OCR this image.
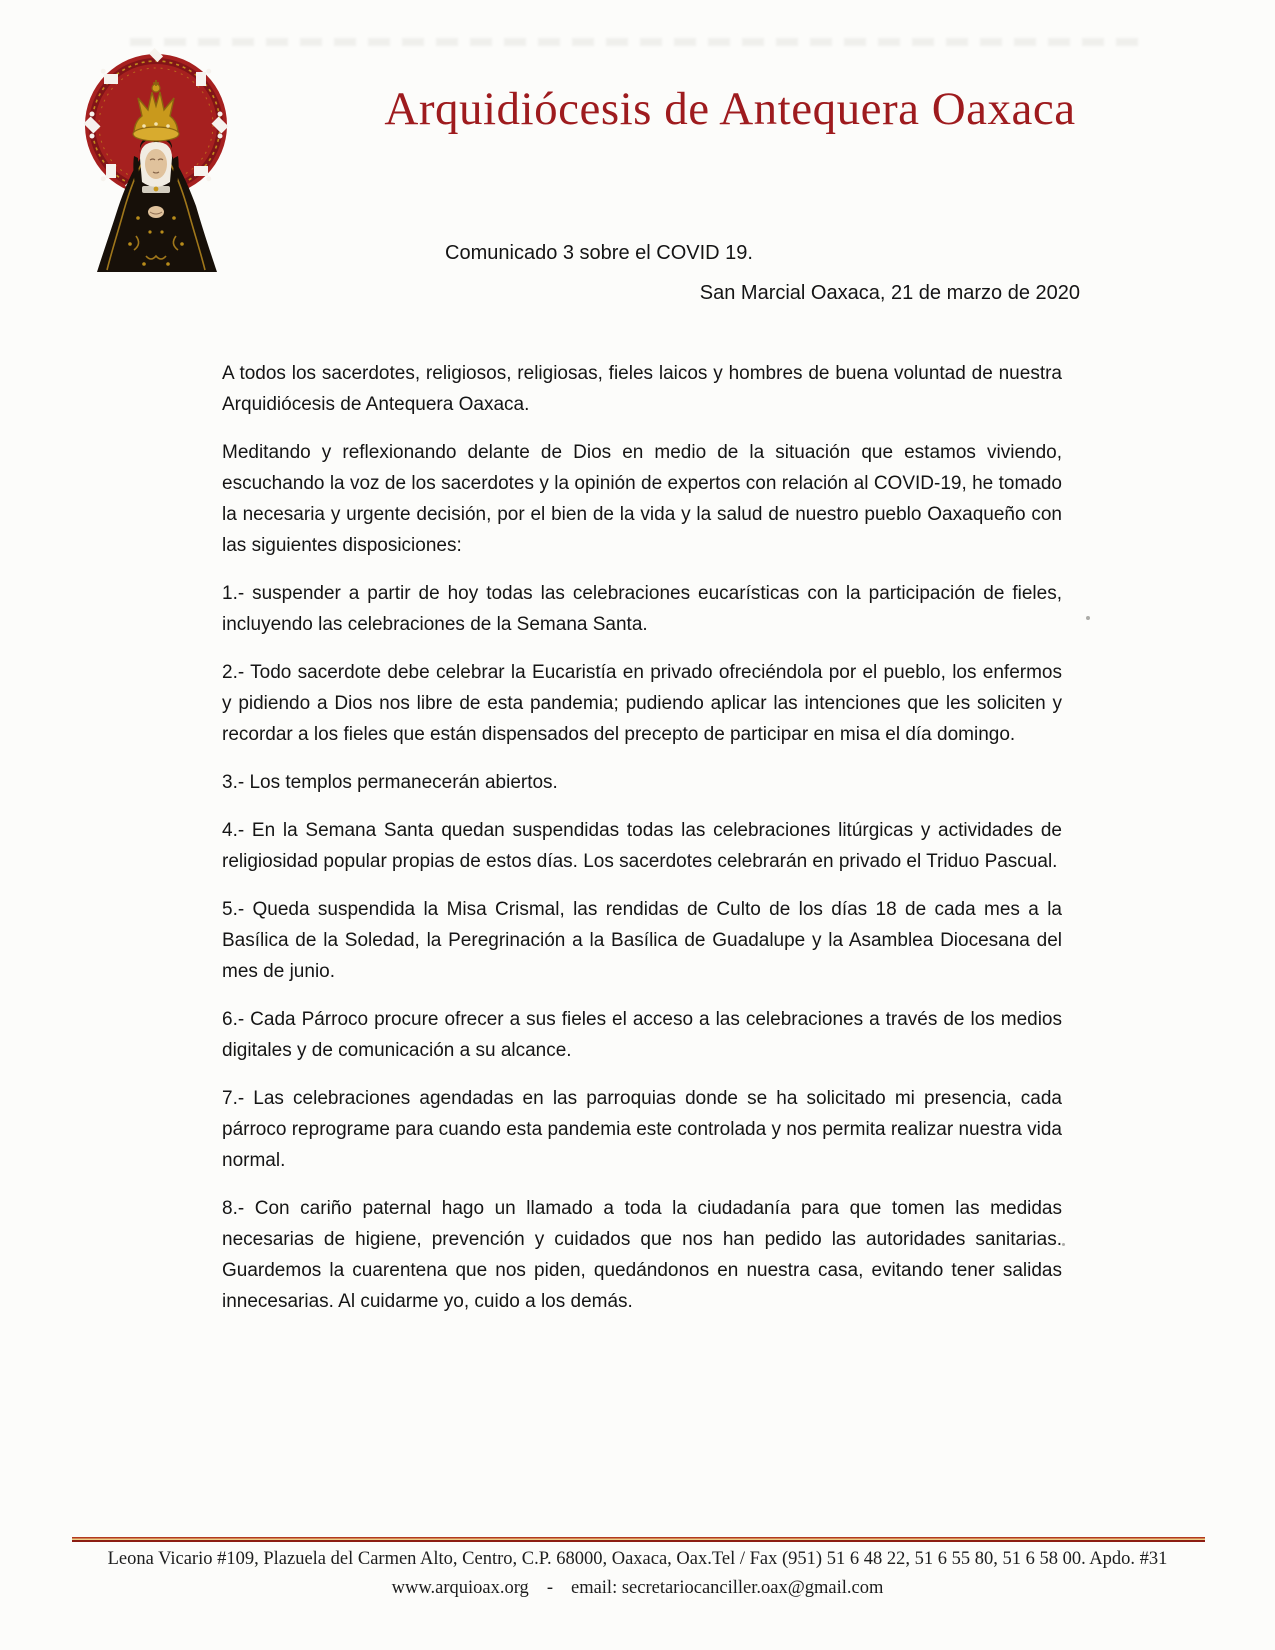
Arquidiócesis de Antequera Oaxaca
Comunicado 3 sobre el COVID 19.
San Marcial Oaxaca, 21 de marzo de 2020

A todos los sacerdotes, religiosos, religiosas, fieles laicos y hombres de buena voluntad de nuestra Arquidiócesis de Antequera Oaxaca.

Meditando y reflexionando delante de Dios en medio de la situación que estamos viviendo, escuchando la voz de los sacerdotes y la opinión de expertos con relación al COVID-19, he tomado la necesaria y urgente decisión, por el bien de la vida y la salud de nuestro pueblo Oaxaqueño con las siguientes disposiciones:

1.- suspender a partir de hoy todas las celebraciones eucarísticas con la participación de fieles, incluyendo las celebraciones de la Semana Santa.

2.- Todo sacerdote debe celebrar la Eucaristía en privado ofreciéndola por el pueblo, los enfermos y pidiendo a Dios nos libre de esta pandemia; pudiendo aplicar las intenciones que les soliciten y recordar a los fieles que están dispensados del precepto de participar en misa el día domingo.

3.- Los templos permanecerán abiertos.

4.- En la Semana Santa quedan suspendidas todas las celebraciones litúrgicas y actividades de religiosidad popular propias de estos días. Los sacerdotes celebrarán en privado el Triduo Pascual.

5.- Queda suspendida la Misa Crismal, las rendidas de Culto de los días 18 de cada mes a la Basílica de la Soledad, la Peregrinación a la Basílica de Guadalupe y la Asamblea Diocesana del mes de junio.

6.- Cada Párroco procure ofrecer a sus fieles el acceso a las celebraciones a través de los medios digitales y de comunicación a su alcance.

7.- Las celebraciones agendadas en las parroquias donde se ha solicitado mi presencia, cada párroco reprograme para cuando esta pandemia este controlada y nos permita realizar nuestra vida normal.

8.- Con cariño paternal hago un llamado a toda la ciudadanía para que tomen las medidas necesarias de higiene, prevención y cuidados que nos han pedido las autoridades sanitarias. Guardemos la cuarentena que nos piden, quedándonos en nuestra casa, evitando tener salidas innecesarias. Al cuidarme yo, cuido a los demás.

Leona Vicario #109, Plazuela del Carmen Alto, Centro, C.P. 68000, Oaxaca, Oax.Tel / Fax (951) 51 6 48 22, 51 6 55 80, 51 6 58 00. Apdo. #31
www.arquioax.org - email: secretariocanciller.oax@gmail.com
